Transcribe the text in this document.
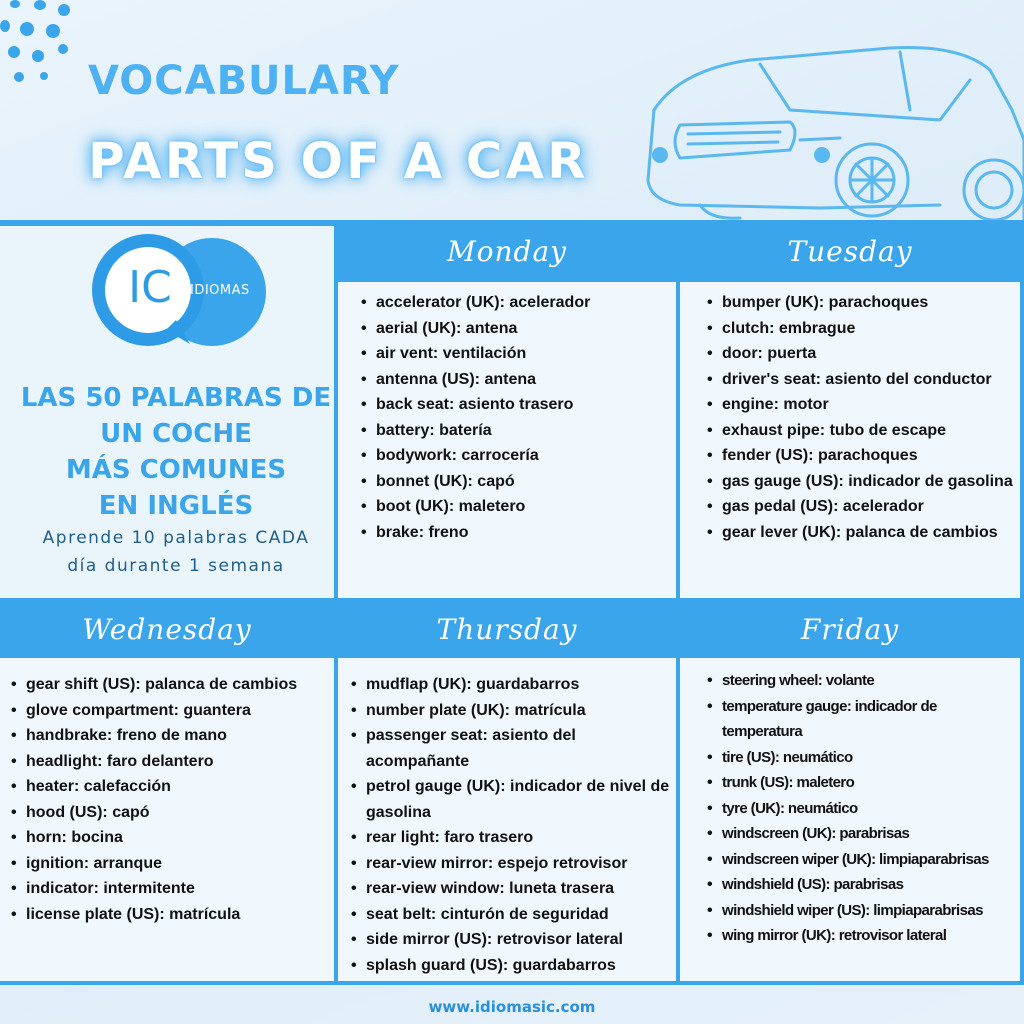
VOCABULARY
PARTS OF A CAR
Monday	Tuesday
Wednesday	Thursday	Friday
IC	IDIOMAS
LAS 50 PALABRAS DE
UN COCHE
MÁS COMUNES
EN INGLÉS
Aprende 10 palabras CADA
día durante 1 semana
• accelerator (UK): acelerador
• aerial (UK): antena
• air vent: ventilación
• antenna (US): antena
• back seat: asiento trasero
• battery: batería
• bodywork: carrocería
• bonnet (UK): capó
• boot (UK): maletero
• brake: freno
• bumper (UK): parachoques
• clutch: embrague
• door: puerta
• driver's seat: asiento del conductor
• engine: motor
• exhaust pipe: tubo de escape
• fender (US): parachoques
• gas gauge (US): indicador de gasolina
• gas pedal (US): acelerador
• gear lever (UK): palanca de cambios
• gear shift (US): palanca de cambios
• glove compartment: guantera
• handbrake: freno de mano
• headlight: faro delantero
• heater: calefacción
• hood (US): capó
• horn: bocina
• ignition: arranque
• indicator: intermitente
• license plate (US): matrícula
• mudflap (UK): guardabarros
• number plate (UK): matrícula
• passenger seat: asiento del acompañante
• petrol gauge (UK): indicador de nivel de gasolina
• rear light: faro trasero
• rear-view mirror: espejo retrovisor
• rear-view window: luneta trasera
• seat belt: cinturón de seguridad
• side mirror (US): retrovisor lateral
• splash guard (US): guardabarros
• steering wheel: volante
• temperature gauge: indicador de temperatura
• tire (US): neumático
• trunk (US): maletero
• tyre (UK): neumático
• windscreen (UK): parabrisas
• windscreen wiper (UK): limpiaparabrisas
• windshield (US): parabrisas
• windshield wiper (US): limpiaparabrisas
• wing mirror (UK): retrovisor lateral
www.idiomasic.com
